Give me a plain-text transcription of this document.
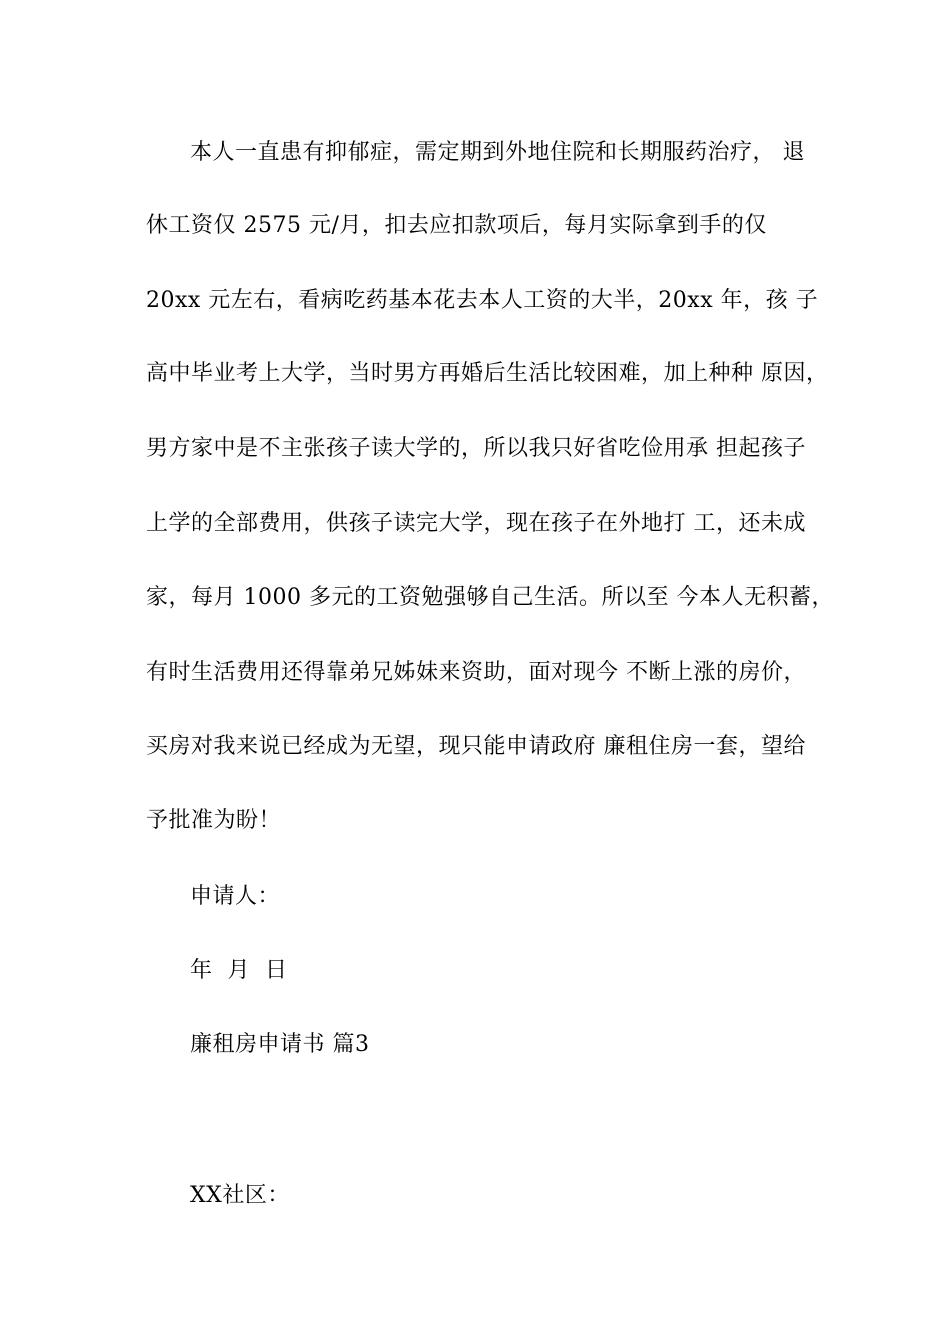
本人一直患有抑郁症，需定期到外地住院和长期服药治疗， 退
休工资仅 2575 元/月，扣去应扣款项后，每月实际拿到手的仅
20xx 元左右，看病吃药基本花去本人工资的大半，20xx 年，孩 子
高中毕业考上大学，当时男方再婚后生活比较困难，加上种种 原因，
男方家中是不主张孩子读大学的，所以我只好省吃俭用承 担起孩子
上学的全部费用，供孩子读完大学，现在孩子在外地打 工，还未成
家，每月 1000 多元的工资勉强够自己生活。所以至 今本人无积蓄，
有时生活费用还得靠弟兄姊妹来资助，面对现今 不断上涨的房价，
买房对我来说已经成为无望，现只能申请政府 廉租住房一套，望给
予批准为盼！
申请人：
年  月  日
廉租房申请书 篇3
XX社区：
